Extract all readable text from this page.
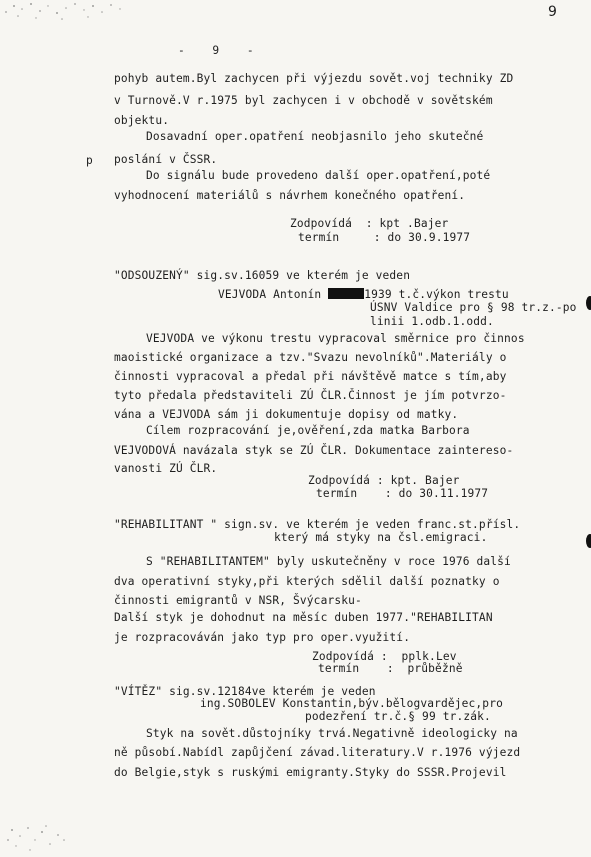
9
-    9    -
p
pohyb autem.Byl zachycen při výjezdu sovět.voj techniky ZD
v Turnově.V r.1975 byl zachycen i v obchodě v sovětském
objektu.
Dosavadní oper.opatření neobjasnilo jeho skutečné
poslání v ČSSR.
Do signálu bude provedeno další oper.opatření,poté
vyhodnocení materiálů s návrhem konečného opatření.
Zodpovídá  : kpt .Bajer
termín     : do 30.9.1977
"ODSOUZENÝ" sig.sv.16059 ve kterém je veden
VEJVODA Antonín	1939 t.č.výkon trestu
ÚSNV Valdice pro § 98 tr.z.-po
linii 1.odb.1.odd.
VEJVODA ve výkonu trestu vypracoval směrnice pro činnos
maoistické organizace a tzv."Svazu nevolníků".Materiály o
činnosti vypracoval a předal při návštěvě matce s tím,aby
tyto předala představiteli ZÚ ČLR.Činnost je jím potvrzo-
vána a VEJVODA sám ji dokumentuje dopisy od matky.
Cílem rozpracování je,ověření,zda matka Barbora
VEJVODOVÁ navázala styk se ZÚ ČLR. Dokumentace zaintereso-
vanosti ZÚ ČLR.
Zodpovídá : kpt. Bajer
termín    : do 30.11.1977
"REHABILITANT " sign.sv. ve kterém je veden franc.st.přísl.
který má styky na čsl.emigraci.
S "REHABILITANTEM" byly uskutečněny v roce 1976 další
dva operativní styky,při kterých sdělil další poznatky o
činnosti emigrantů v NSR, Švýcarsku-
Další styk je dohodnut na měsíc duben 1977."REHABILITAN
je rozpracováván jako typ pro oper.využití.
Zodpovídá :  pplk.Lev
termín    :  průběžně
"VÍTĚZ" sig.sv.12184ve kterém je veden
ing.SOBOLEV Konstantin,býv.bělogvardějec,pro
podezření tr.č.§ 99 tr.zák.
Styk na sovět.důstojníky trvá.Negativně ideologicky na
ně působí.Nabídl zapůjčení závad.literatury.V r.1976 výjezd
do Belgie,styk s ruskými emigranty.Styky do SSSR.Projevil
